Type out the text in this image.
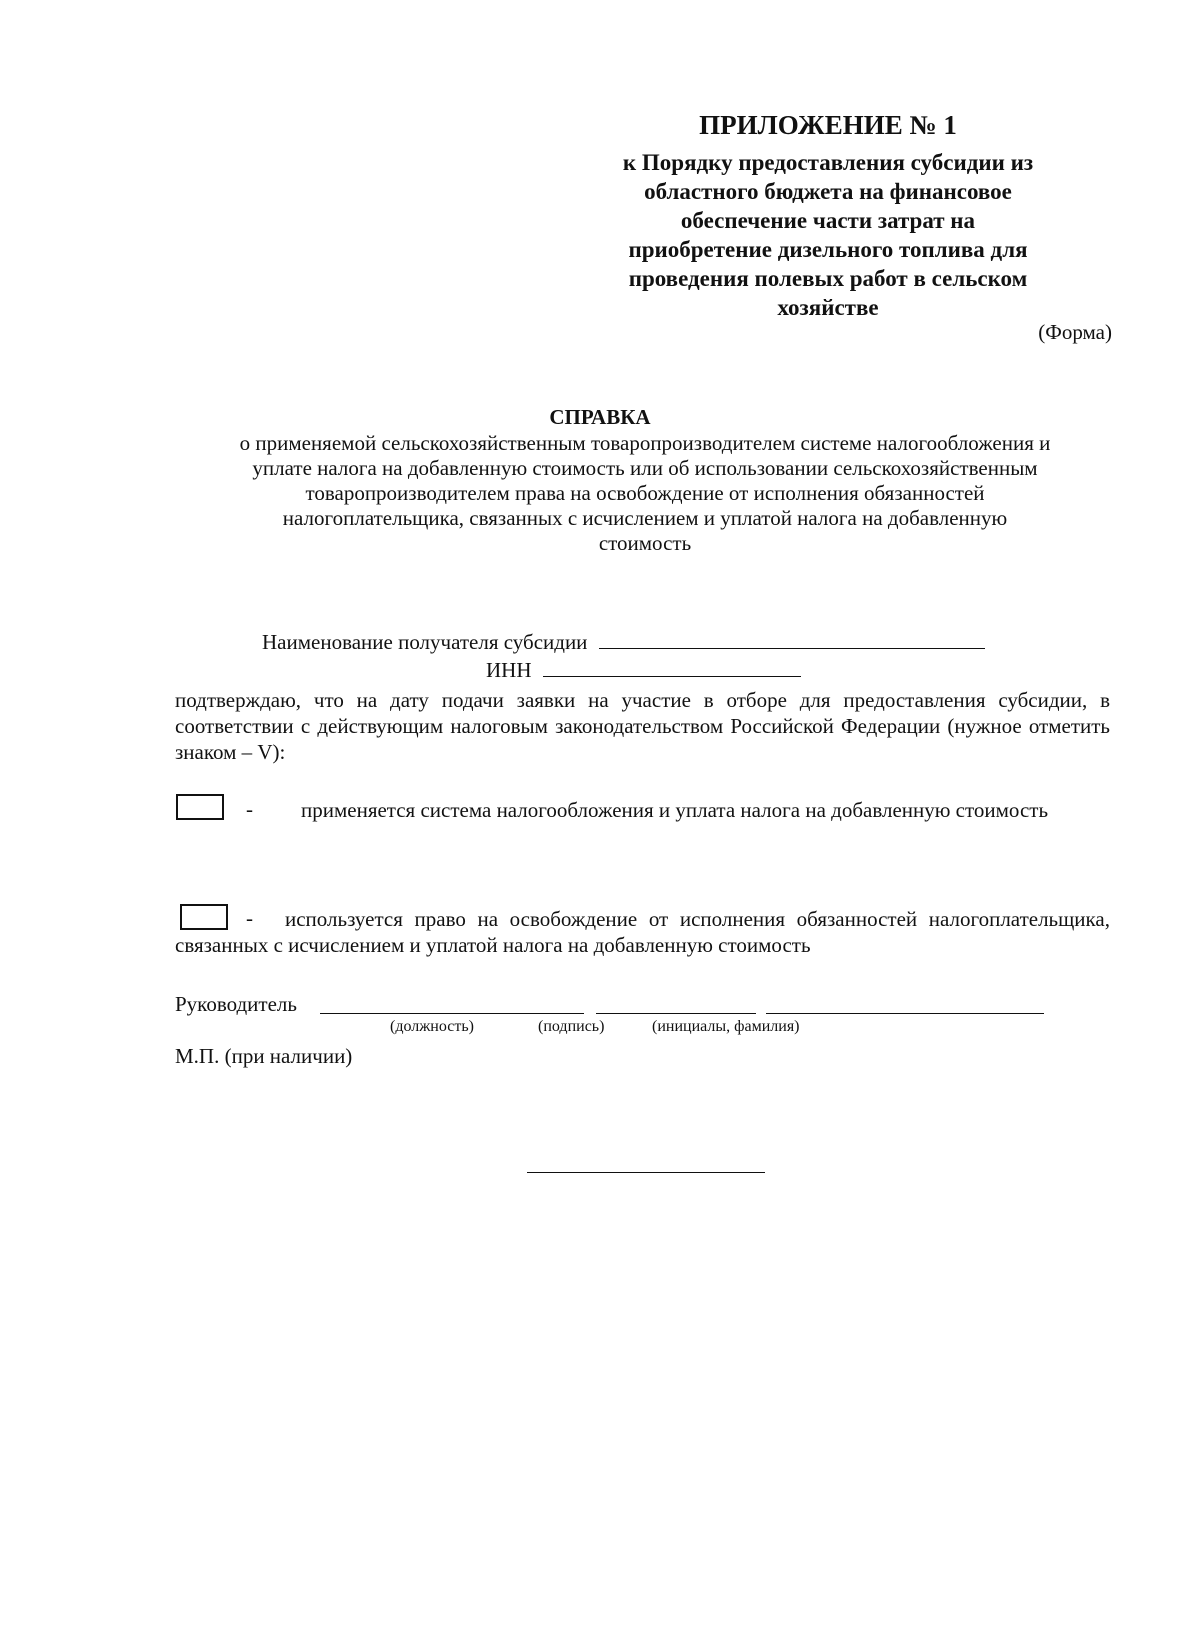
ПРИЛОЖЕНИЕ № 1
к Порядку предоставления субсидии из
областного бюджета на финансовое
обеспечение части затрат на
приобретение дизельного топлива для
проведения полевых работ в сельском
хозяйстве
(Форма)
СПРАВКА
о применяемой сельскохозяйственным товаропроизводителем системе налогообложения и
уплате налога на добавленную стоимость или об использовании сельскохозяйственным
товаропроизводителем права на освобождение от исполнения обязанностей
налогоплательщика, связанных с исчислением и уплатой налога на добавленную
стоимость
Наименование получателя субсидии
ИНН
подтверждаю, что на дату подачи заявки на участие в отборе для предоставления субсидии, в соответствии с действующим налоговым законодательством Российской Федерации (нужное отметить знаком – V):
-	применяется система налогообложения и уплата налога на добавленную стоимость
-	используется право на освобождение от исполнения обязанностей налогоплательщика, связанных с исчислением и уплатой налога на добавленную стоимость
Руководитель
(должность)	(подпись)	(инициалы, фамилия)
М.П. (при наличии)
